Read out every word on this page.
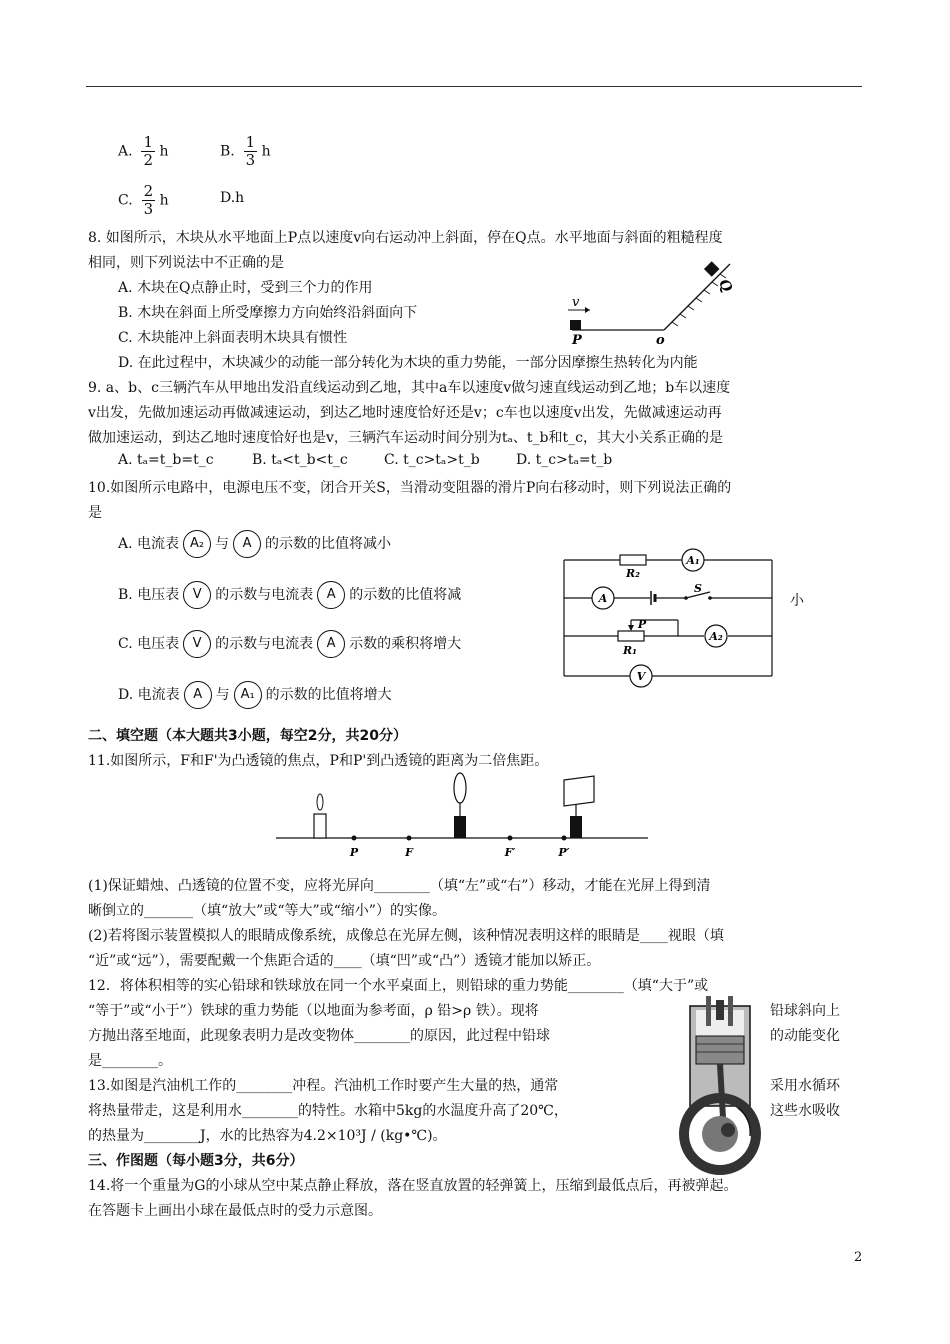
A. $\frac{1}{2}$ h	B. $\frac{1}{3}$ h
C. $\frac{2}{3}$ h	D.h
8. 如图所示，木块从水平地面上P点以速度v向右运动冲上斜面，停在Q点。水平地面与斜面的粗糙程度
相同，则下列说法中不正确的是
A. 木块在Q点静止时，受到三个力的作用
B. 木块在斜面上所受摩擦力方向始终沿斜面向下
C. 木块能冲上斜面表明木块具有惯性
D. 在此过程中，木块减少的动能一部分转化为木块的重力势能，一部分因摩擦生热转化为内能
v
P	o
Q
9. a、b、c三辆汽车从甲地出发沿直线运动到乙地，其中a车以速度v做匀速直线运动到乙地；b车以速度
v出发，先做加速运动再做减速运动，到达乙地时速度恰好还是v；c车也以速度v出发，先做减速运动再
做加速运动，到达乙地时速度恰好也是v，三辆汽车运动时间分别为tₐ、t_b和t_c，其大小关系正确的是
A. tₐ=t_b=t_c	B. tₐ<t_b<t_c	C. t_c>tₐ>t_b	D. t_c>tₐ=t_b
10.如图所示电路中，电源电压不变，闭合开关S，当滑动变阻器的滑片P向右移动时，则下列说法正确的
是
A. 电流表 A₂ 与 A 的示数的比值将减小
B. 电压表 V 的示数与电流表 A 的示数的比值将减	小
C. 电压表 V 的示数与电流表 A 示数的乘积将增大
D. 电流表 A 与 A₁ 的示数的比值将增大
A₁
A
A₂
V
R₂
S
P
R₁
二、填空题（本大题共3小题，每空2分，共20分）
11.如图所示，F和F'为凸透镜的焦点，P和P'到凸透镜的距离为二倍焦距。
P	F	F′	P′
(1)保证蜡烛、凸透镜的位置不变，应将光屏向________（填“左”或“右”）移动，才能在光屏上得到清
晰倒立的_______（填“放大”或“等大”或“缩小”）的实像。
(2)若将图示装置模拟人的眼睛成像系统，成像总在光屏左侧，该种情况表明这样的眼睛是____视眼（填
“近”或“远”），需要配戴一个焦距合适的____（填“凹”或“凸”）透镜才能加以矫正。
12．将体积相等的实心铅球和铁球放在同一个水平桌面上，则铅球的重力势能________（填“大于”或
“等于”或“小于”）铁球的重力势能（以地面为参考面，ρ 铅>ρ 铁）。现将	铅球斜向上
方抛出落至地面，此现象表明力是改变物体________的原因，此过程中铅球	的动能变化
是________。
13.如图是汽油机工作的________冲程。汽油机工作时要产生大量的热，通常	采用水循环
将热量带走，这是利用水________的特性。水箱中5kg的水温度升高了20℃，	这些水吸收
的热量为________J，水的比热容为4.2×10³J / (kg•℃)。
三、作图题（每小题3分，共6分）
14.将一个重量为G的小球从空中某点静止释放，落在竖直放置的轻弹簧上，压缩到最低点后，再被弹起。
在答题卡上画出小球在最低点时的受力示意图。
2
